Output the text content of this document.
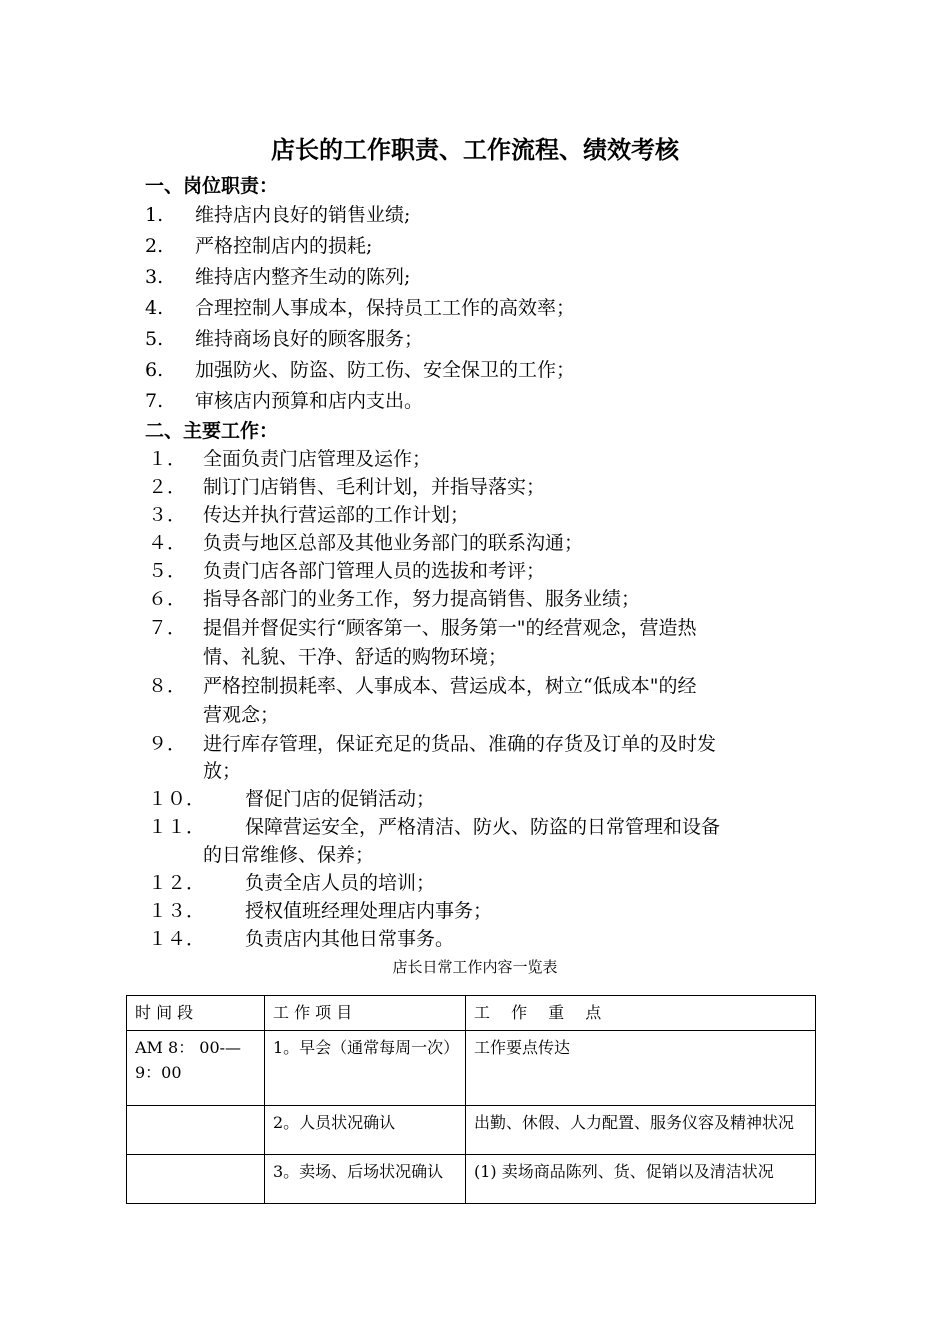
店长的工作职责、工作流程、绩效考核
一、岗位职责：
1. 维持店内良好的销售业绩;
2. 严格控制店内的损耗;
3. 维持店内整齐生动的陈列;
4. 合理控制人事成本，保持员工工作的高效率；
5. 维持商场良好的顾客服务；
6. 加强防火、防盗、防工伤、安全保卫的工作；
7. 审核店内预算和店内支出。
二、主要工作：
１． 全面负责门店管理及运作；
２． 制订门店销售、毛利计划，并指导落实；
３． 传达并执行营运部的工作计划；
４． 负责与地区总部及其他业务部门的联系沟通；
５． 负责门店各部门管理人员的选拔和考评；
６． 指导各部门的业务工作，努力提高销售、服务业绩；
７． 提倡并督促实行“顾客第一、服务第一"的经营观念，营造热
情、礼貌、干净、舒适的购物环境；
８． 严格控制损耗率、人事成本、营运成本，树立“低成本"的经
营观念；
９． 进行库存管理，保证充足的货品、准确的存货及订单的及时发
放；
１０． 督促门店的促销活动；
１１． 保障营运安全，严格清洁、防火、防盗的日常管理和设备
的日常维修、保养；
１２． 负责全店人员的培训；
１３． 授权值班经理处理店内事务；
１４． 负责店内其他日常事务。
店长日常工作内容一览表
时 间 段	工 作 项 目	工　 作　 重　 点
AM 8： 00-—9：00	1。早会（通常每周一次）	工作要点传达
	2。人员状况确认	出勤、休假、人力配置、服务仪容及精神状况
	3。卖场、后场状况确认	(1) 卖场商品陈列、货、促销以及清洁状况
